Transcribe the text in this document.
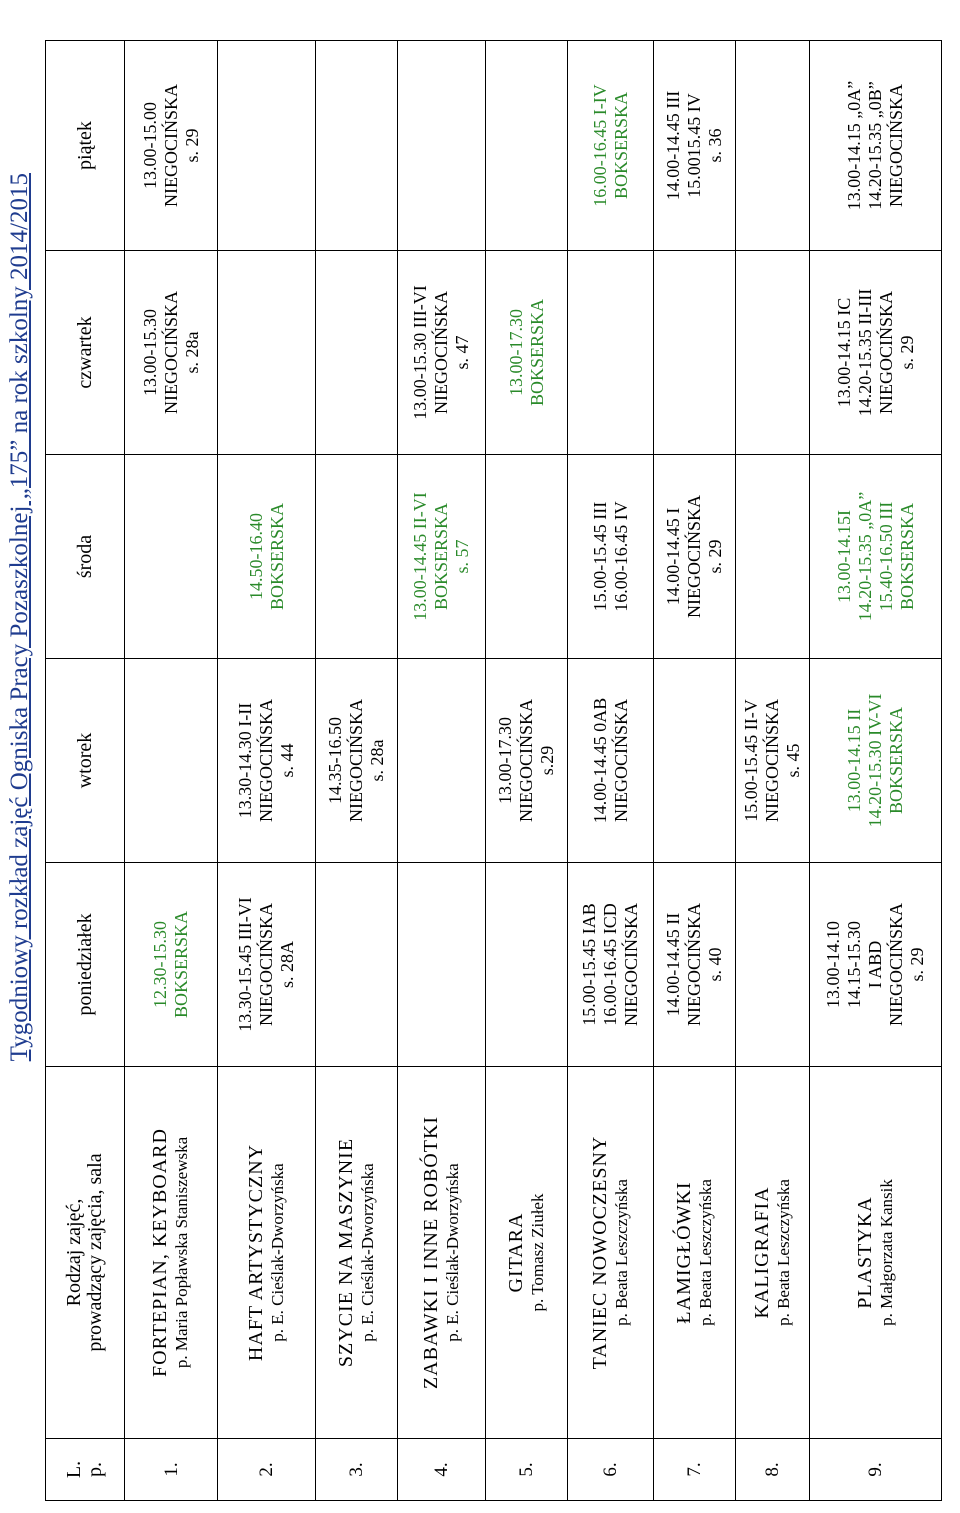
Tygodniowy rozkład zajęć Ogniska Pracy Pozaszkolnej „175” na rok szkolny 2014/2015
L. p.	Rodzaj zajęć, prowadzący zajęcia, sala	poniedziałek	wtorek	środa	czwartek	piątek
1.	FORTEPIAN, KEYBOARD p. Maria Popławska Staniszewska	12.30-15.30 BOKSERSKA			13.00-15.30 NIEGOCIŃSKA s. 28a	13.00-15.00 NIEGOCIŃSKA s. 29

2.	HAFT ARTYSTYCZNY p. E. Cieślak-Dworzyńska	13.30-15.45 III-VI NIEGOCIŃSKA s. 28A	13.30-14.30 I-II NIEGOCIŃSKA s. 44	14.50-16.40 BOKSERSKA		

3.	SZYCIE NA MASZYNIE p. E. Cieślak-Dworzyńska		14.35-16.50 NIEGOCIŃSKA s. 28a			

4.	ZABAWKI I INNE ROBÓTKI p. E. Cieślak-Dworzyńska			13.00-14.45 II-VI BOKSERSKA s. 57	13.00-15.30 III-VI NIEGOCIŃSKA s. 47	

5.	GITARA p. Tomasz Ziułek		13.00-17.30 NIEGOCIŃSKA s.29		13.00-17.30 BOKSERSKA	

6.	TANIEC NOWOCZESNY p. Beata Leszczyńska	15.00-15.45 IAB 16.00-16.45 ICD NIEGOCIŃSKA	14.00-14.45 0AB NIEGOCIŃSKA	15.00-15.45 III 16.00-16.45 IV		16.00-16.45 I-IV BOKSERSKA

7.	ŁAMIGŁÓWKI p. Beata Leszczyńska	14.00-14.45 II NIEGOCIŃSKA s. 40		14.00-14.45 I NIEGOCIŃSKA s. 29		14.00-14.45 III 15.0015.45 IV s. 36

8.	KALIGRAFIA p. Beata Leszczyńska		15.00-15.45 II-V NIEGOCIŃSKA s. 45			

9.	PLASTYKA p. Małgorzata Kansik	13.00-14.10 14.15-15.30 I ABD NIEGOCIŃSKA s. 29	13.00-14.15 II 14.20-15.30 IV-VI BOKSERSKA	13.00-14.15I 14.20-15.35 „0A” 15.40-16.50 III BOKSERSKA	13.00-14.15 IC 14.20-15.35 II-III NIEGOCIŃSKA s. 29	13.00-14.15 „0A” 14.20-15.35 „0B” NIEGOCIŃSKA
